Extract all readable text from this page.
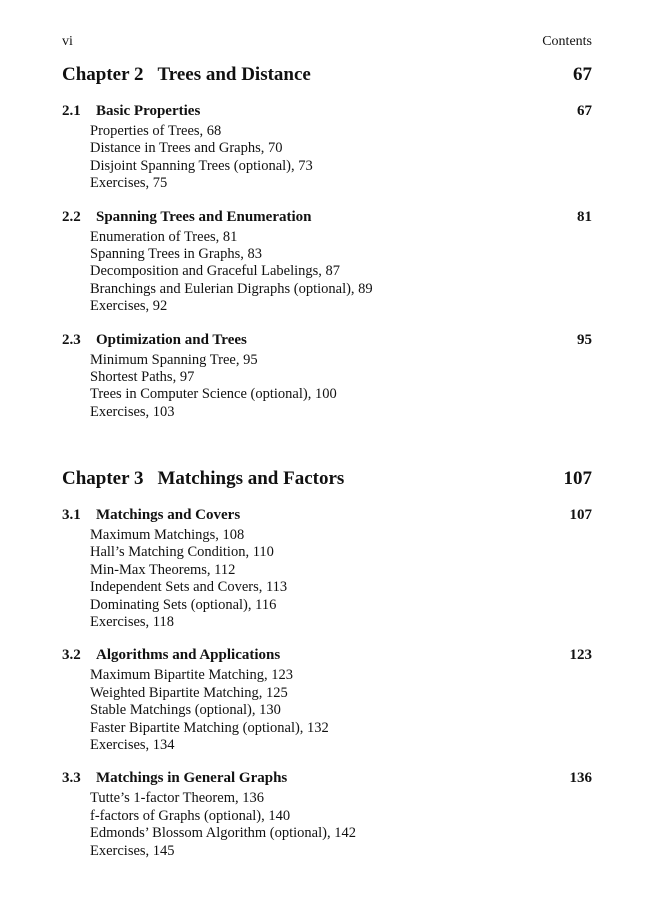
vi	Contents
Chapter 2 Trees and Distance	67
2.1 Basic Properties	67
Properties of Trees, 68
Distance in Trees and Graphs, 70
Disjoint Spanning Trees (optional), 73
Exercises, 75
2.2 Spanning Trees and Enumeration	81
Enumeration of Trees, 81
Spanning Trees in Graphs, 83
Decomposition and Graceful Labelings, 87
Branchings and Eulerian Digraphs (optional), 89
Exercises, 92
2.3 Optimization and Trees	95
Minimum Spanning Tree, 95
Shortest Paths, 97
Trees in Computer Science (optional), 100
Exercises, 103
Chapter 3 Matchings and Factors	107
3.1 Matchings and Covers	107
Maximum Matchings, 108
Hall’s Matching Condition, 110
Min-Max Theorems, 112
Independent Sets and Covers, 113
Dominating Sets (optional), 116
Exercises, 118
3.2 Algorithms and Applications	123
Maximum Bipartite Matching, 123
Weighted Bipartite Matching, 125
Stable Matchings (optional), 130
Faster Bipartite Matching (optional), 132
Exercises, 134
3.3 Matchings in General Graphs	136
Tutte’s 1-factor Theorem, 136
f-factors of Graphs (optional), 140
Edmonds’ Blossom Algorithm (optional), 142
Exercises, 145
